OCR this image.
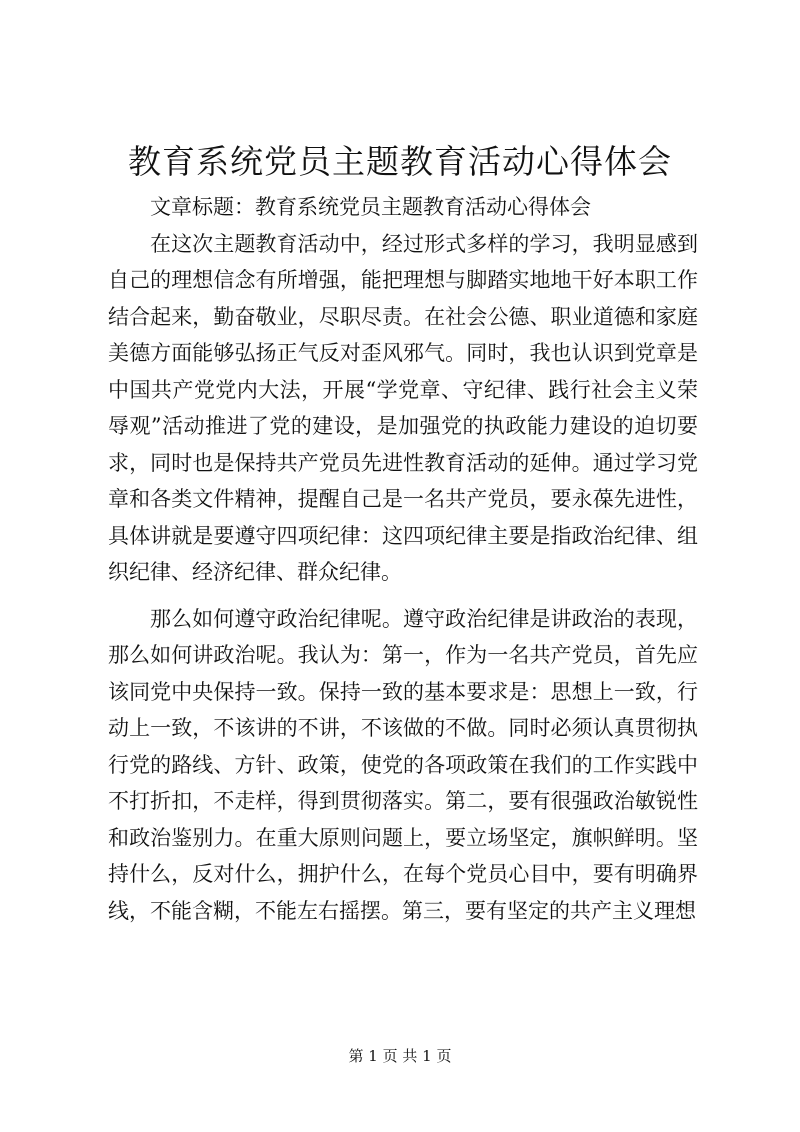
教育系统党员主题教育活动心得体会

文章标题：教育系统党员主题教育活动心得体会

在这次主题教育活动中，经过形式多样的学习，我明显感到自己的理想信念有所增强，能把理想与脚踏实地地干好本职工作结合起来，勤奋敬业，尽职尽责。在社会公德、职业道德和家庭美德方面能够弘扬正气反对歪风邪气。同时，我也认识到党章是中国共产党党内大法，开展“学党章、守纪律、践行社会主义荣辱观”活动推进了党的建设，是加强党的执政能力建设的迫切要求，同时也是保持共产党员先进性教育活动的延伸。通过学习党章和各类文件精神，提醒自己是一名共产党员，要永葆先进性，具体讲就是要遵守四项纪律：这四项纪律主要是指政治纪律、组织纪律、经济纪律、群众纪律。

那么如何遵守政治纪律呢。遵守政治纪律是讲政治的表现，那么如何讲政治呢。我认为：第一，作为一名共产党员，首先应该同党中央保持一致。保持一致的基本要求是：思想上一致，行动上一致，不该讲的不讲，不该做的不做。同时必须认真贯彻执行党的路线、方针、政策，使党的各项政策在我们的工作实践中不打折扣，不走样，得到贯彻落实。第二，要有很强政治敏锐性和政治鉴别力。在重大原则问题上，要立场坚定，旗帜鲜明。坚持什么，反对什么，拥护什么，在每个党员心目中，要有明确界线，不能含糊，不能左右摇摆。第三，要有坚定的共产主义理想

第 1 页 共 1 页
